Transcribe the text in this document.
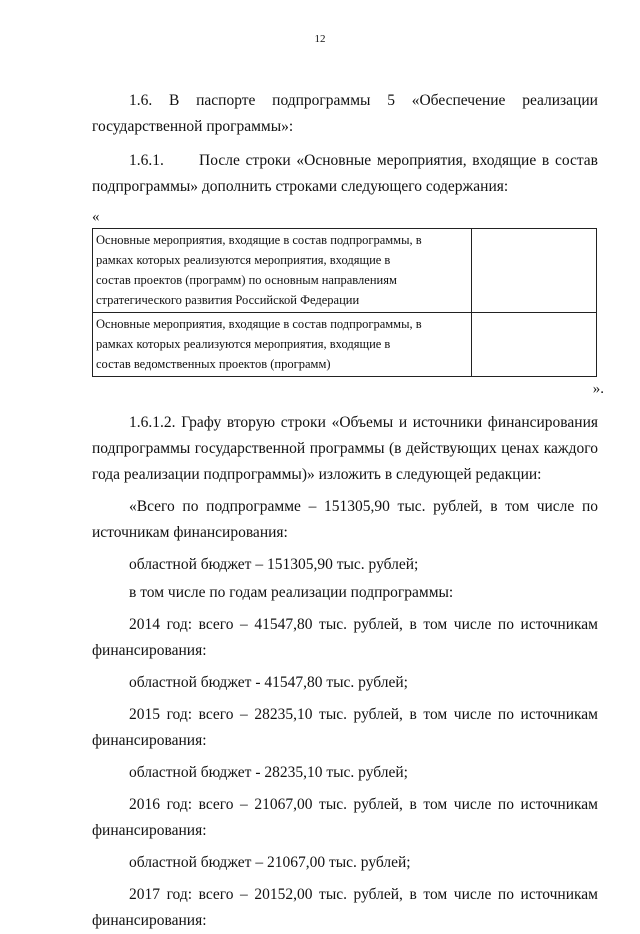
12
1.6. В паспорте подпрограммы 5 «Обеспечение реализации

государственной программы»:

1.6.1.	После строки «Основные мероприятия, входящие в состав

подпрограммы» дополнить строками следующего содержания:

«
Основные мероприятия, входящие в состав подпрограммы, в
рамках которых реализуются мероприятия, входящие в
состав проектов (программ) по основным направлениям
стратегического развития Российской Федерации	

Основные мероприятия, входящие в состав подпрограммы, в
рамках которых реализуются мероприятия, входящие в
состав ведомственных проектов (программ)	

».

1.6.1.2. Графу вторую строки «Объемы и источники финансирования

подпрограммы государственной программы (в действующих ценах каждого

года реализации подпрограммы)» изложить в следующей редакции:

«Всего по подпрограмме – 151305,90 тыс. рублей, в том числе по

источникам финансирования:

областной бюджет – 151305,90 тыс. рублей;

в том числе по годам реализации подпрограммы:

2014 год: всего – 41547,80 тыс. рублей, в том числе по источникам

финансирования:

областной бюджет - 41547,80 тыс. рублей;

2015 год: всего – 28235,10 тыс. рублей, в том числе по источникам

финансирования:

областной бюджет - 28235,10 тыс. рублей;

2016 год: всего – 21067,00 тыс. рублей, в том числе по источникам

финансирования:

областной бюджет – 21067,00 тыс. рублей;

2017 год: всего – 20152,00 тыс. рублей, в том числе по источникам

финансирования:
